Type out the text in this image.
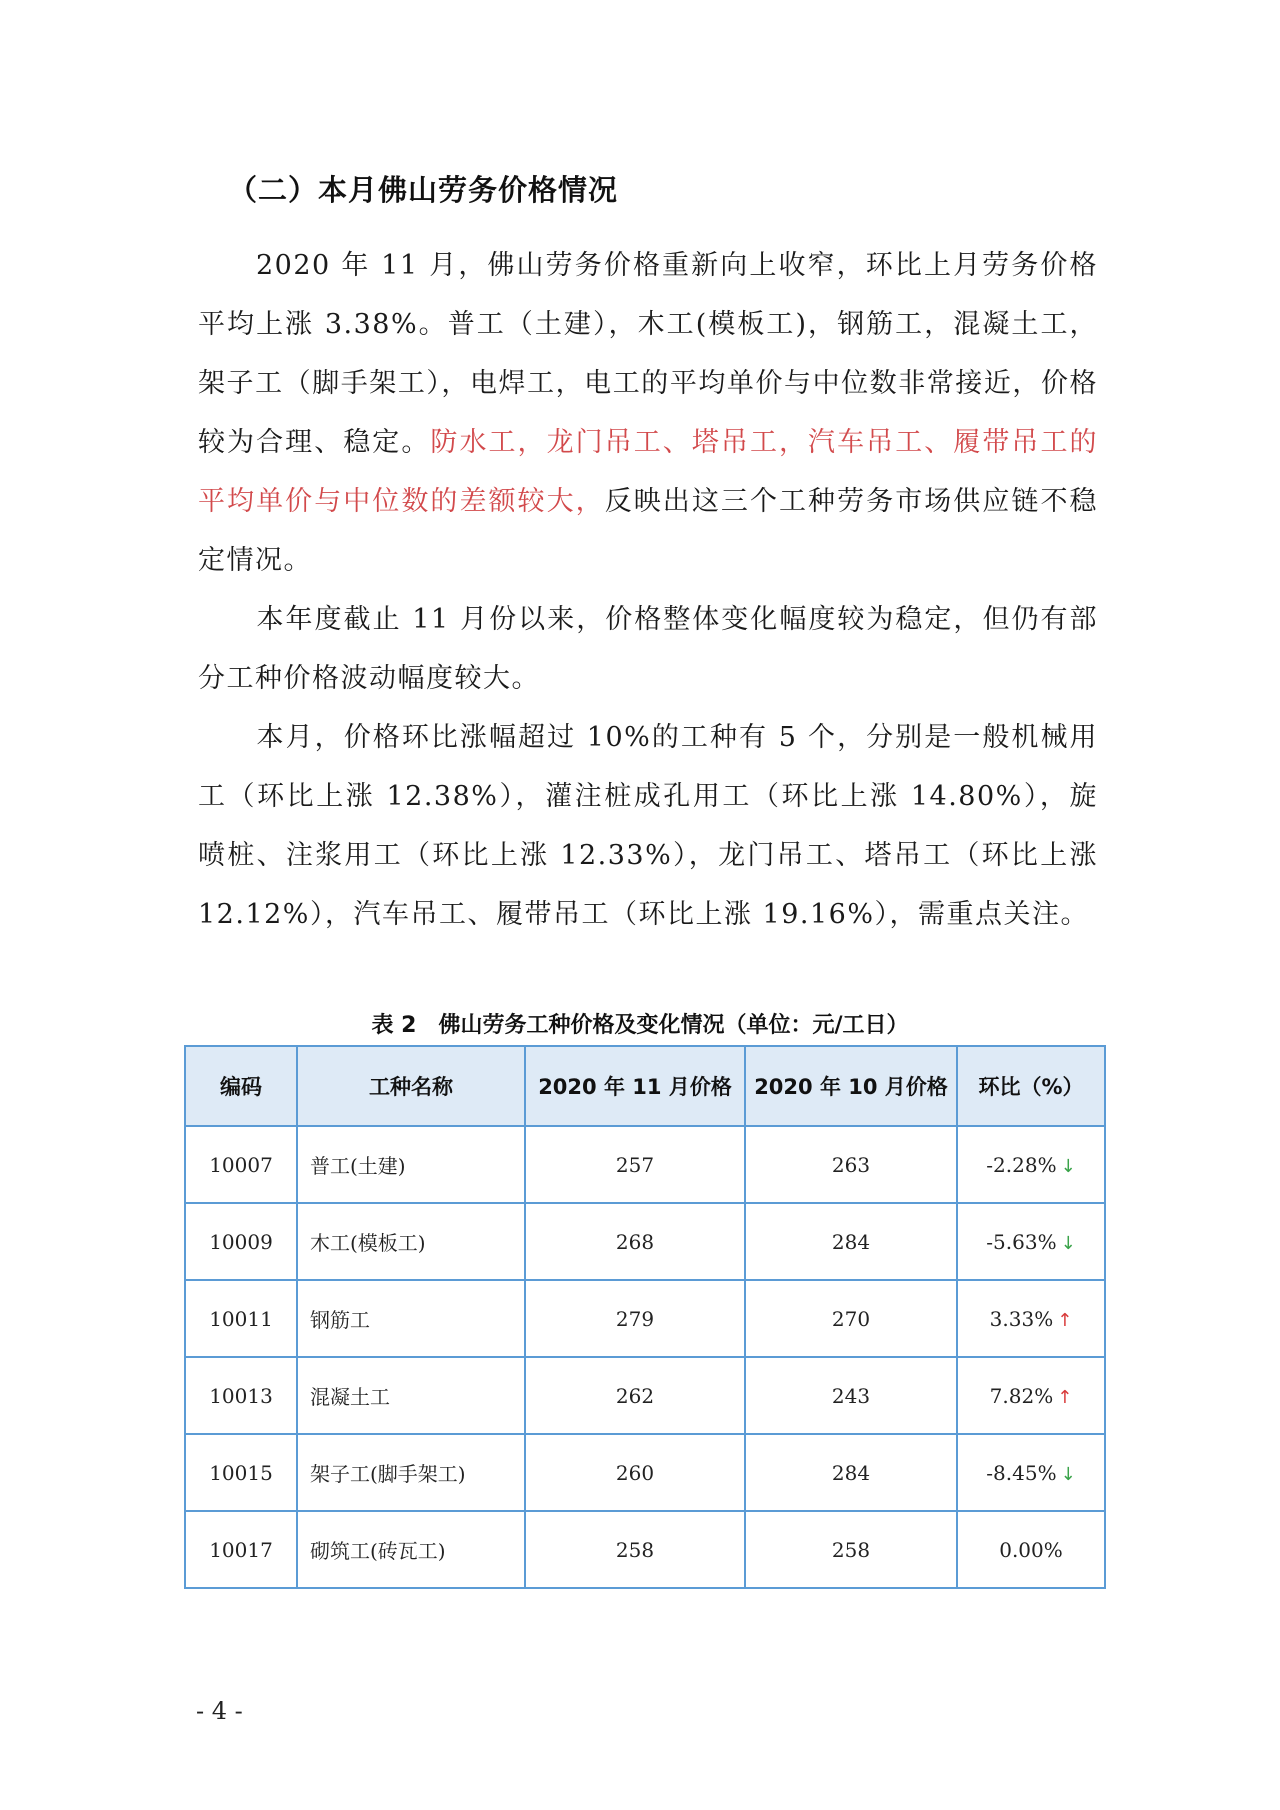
（二）本月佛山劳务价格情况
2020 年 11 月，佛山劳务价格重新向上收窄，环比上月劳务价格平均上涨 3.38%。普工（土建），木工(模板工)，钢筋工，混凝土工，架子工（脚手架工），电焊工，电工的平均单价与中位数非常接近，价格较为合理、稳定。防水工，龙门吊工、塔吊工，汽车吊工、履带吊工的平均单价与中位数的差额较大，反映出这三个工种劳务市场供应链不稳定情况。
本年度截止 11 月份以来，价格整体变化幅度较为稳定，但仍有部分工种价格波动幅度较大。
本月，价格环比涨幅超过 10%的工种有 5 个，分别是一般机械用工（环比上涨 12.38%），灌注桩成孔用工（环比上涨 14.80%），旋喷桩、注浆用工（环比上涨 12.33%），龙门吊工、塔吊工（环比上涨 12.12%），汽车吊工、履带吊工（环比上涨 19.16%），需重点关注。
表 2 佛山劳务工种价格及变化情况（单位：元/工日）
编码	工种名称	2020 年 11 月价格	2020 年 10 月价格	环比（%）
10007	普工(土建)	257	263	-2.28% ↓
10009	木工(模板工)	268	284	-5.63% ↓
10011	钢筋工	279	270	3.33% ↑
10013	混凝土工	262	243	7.82% ↑
10015	架子工(脚手架工)	260	284	-8.45% ↓
10017	砌筑工(砖瓦工)	258	258	0.00%
- 4 -
